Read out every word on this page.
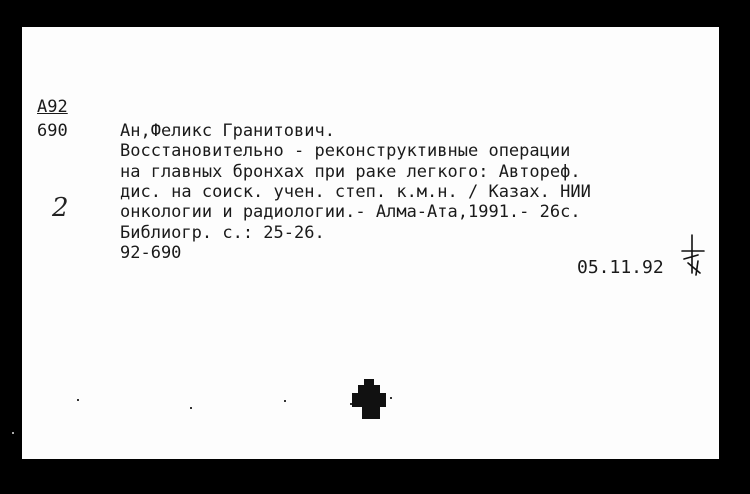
A92
690
2
Ан,Феликс Гранитович.
Восстановительно - реконструктивные операции
на главных бронхах при раке легкого: Автореф.
дис. на соиск. учен. степ. к.м.н. / Казах. НИИ
онкологии и радиологии.- Алма-Ата,1991.- 26с.
Библиогр. с.: 25-26.
92-690
05.11.92
